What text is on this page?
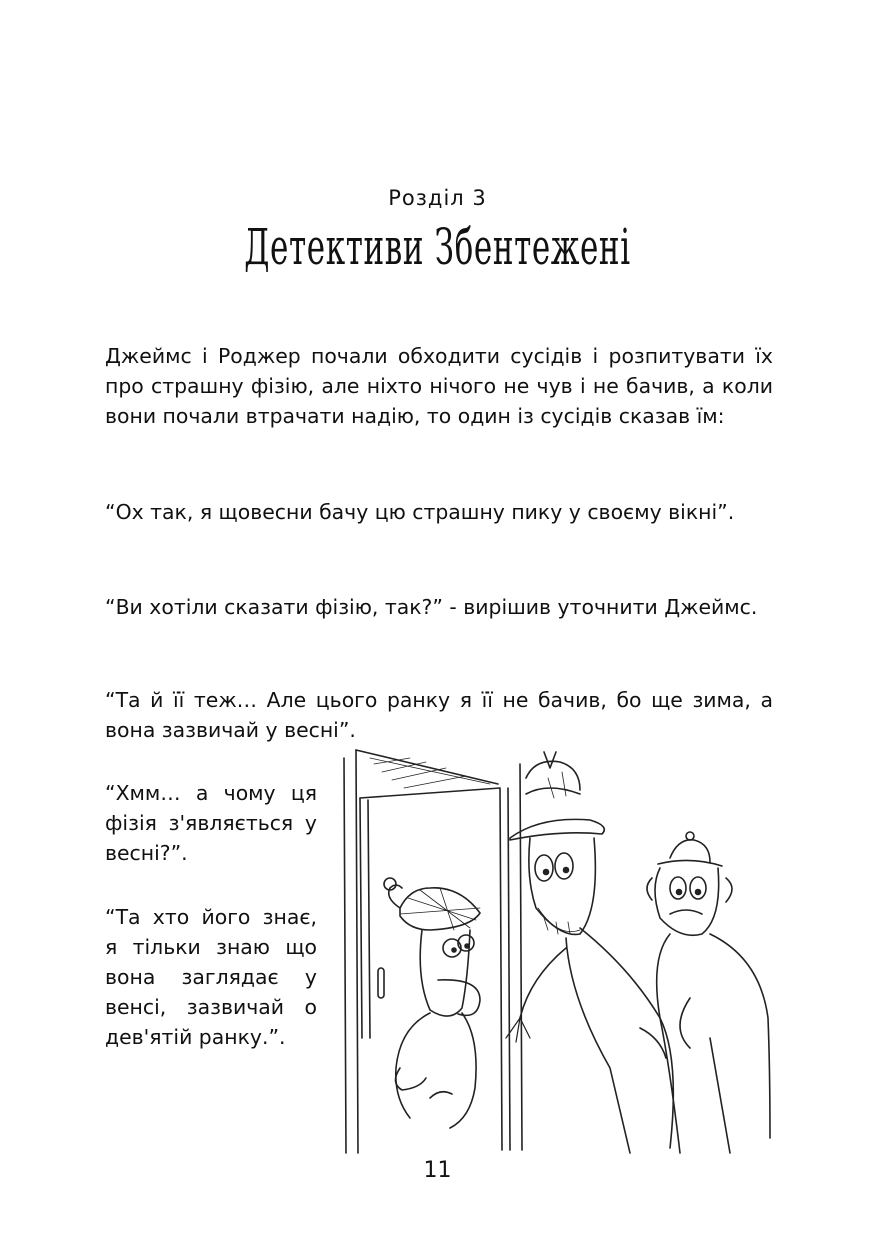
Розділ 3
Детективи Збентежені

Джеймс і Роджер почали обходити сусідів і розпитувати їх про страшну фізію, але ніхто нічого не чув і не бачив, а коли вони почали втрачати надію, то один із сусідів сказав їм:

“Ох так, я щовесни бачу цю страшну пику у своєму вікні”.

“Ви хотіли сказати фізію, так?” - вирішив уточнити Джеймс.

“Та й її теж… Але цього ранку я її не бачив, бо ще зима, а вона зазвичай у весні”.

“Хмм… а чому ця фізія з'являється у весні?”.

“Та хто його знає, я тільки знаю що вона заглядає у венсі, зазвичай о дев'ятій ранку.”.

11
